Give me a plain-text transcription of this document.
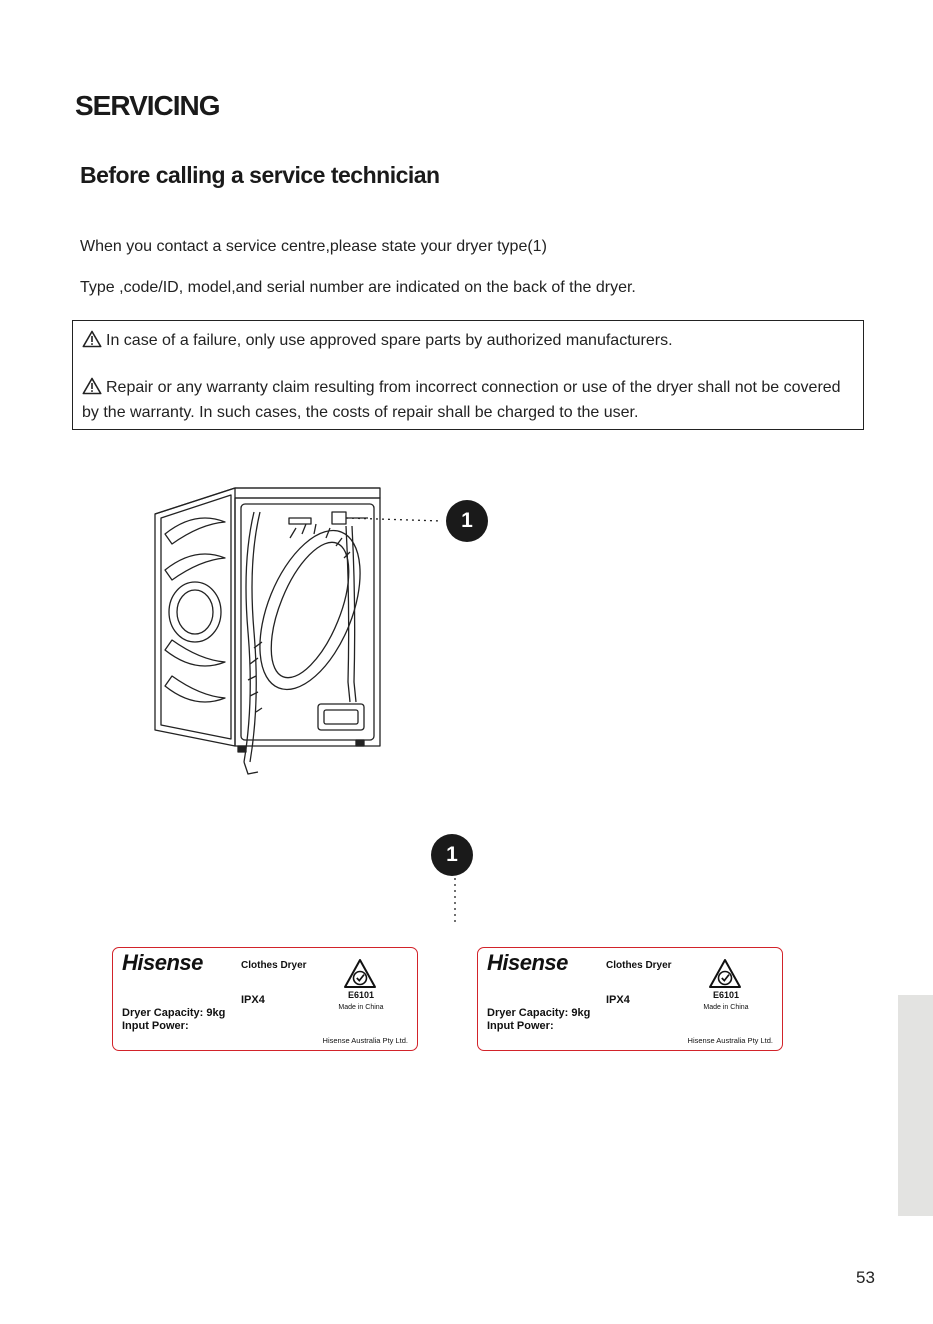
SERVICING
Before calling a service technician
When you contact a service centre,please state your dryer type(1)
Type ,code/ID, model,and serial number are indicated on the back of the dryer.
In case of a failure, only use approved spare parts by authorized manufacturers.
Repair or any warranty claim resulting from incorrect connection or use of the dryer shall not be covered by the warranty. In such cases, the costs of repair shall be charged to the user.
1
1
Hisense	Clothes Dryer
IPX4
Dryer Capacity: 9kg
Input Power:
E6101
Made in China
Hisense Australia Pty Ltd.
Hisense	Clothes Dryer
IPX4
Dryer Capacity: 9kg
Input Power:
E6101
Made in China
Hisense Australia Pty Ltd.
53
